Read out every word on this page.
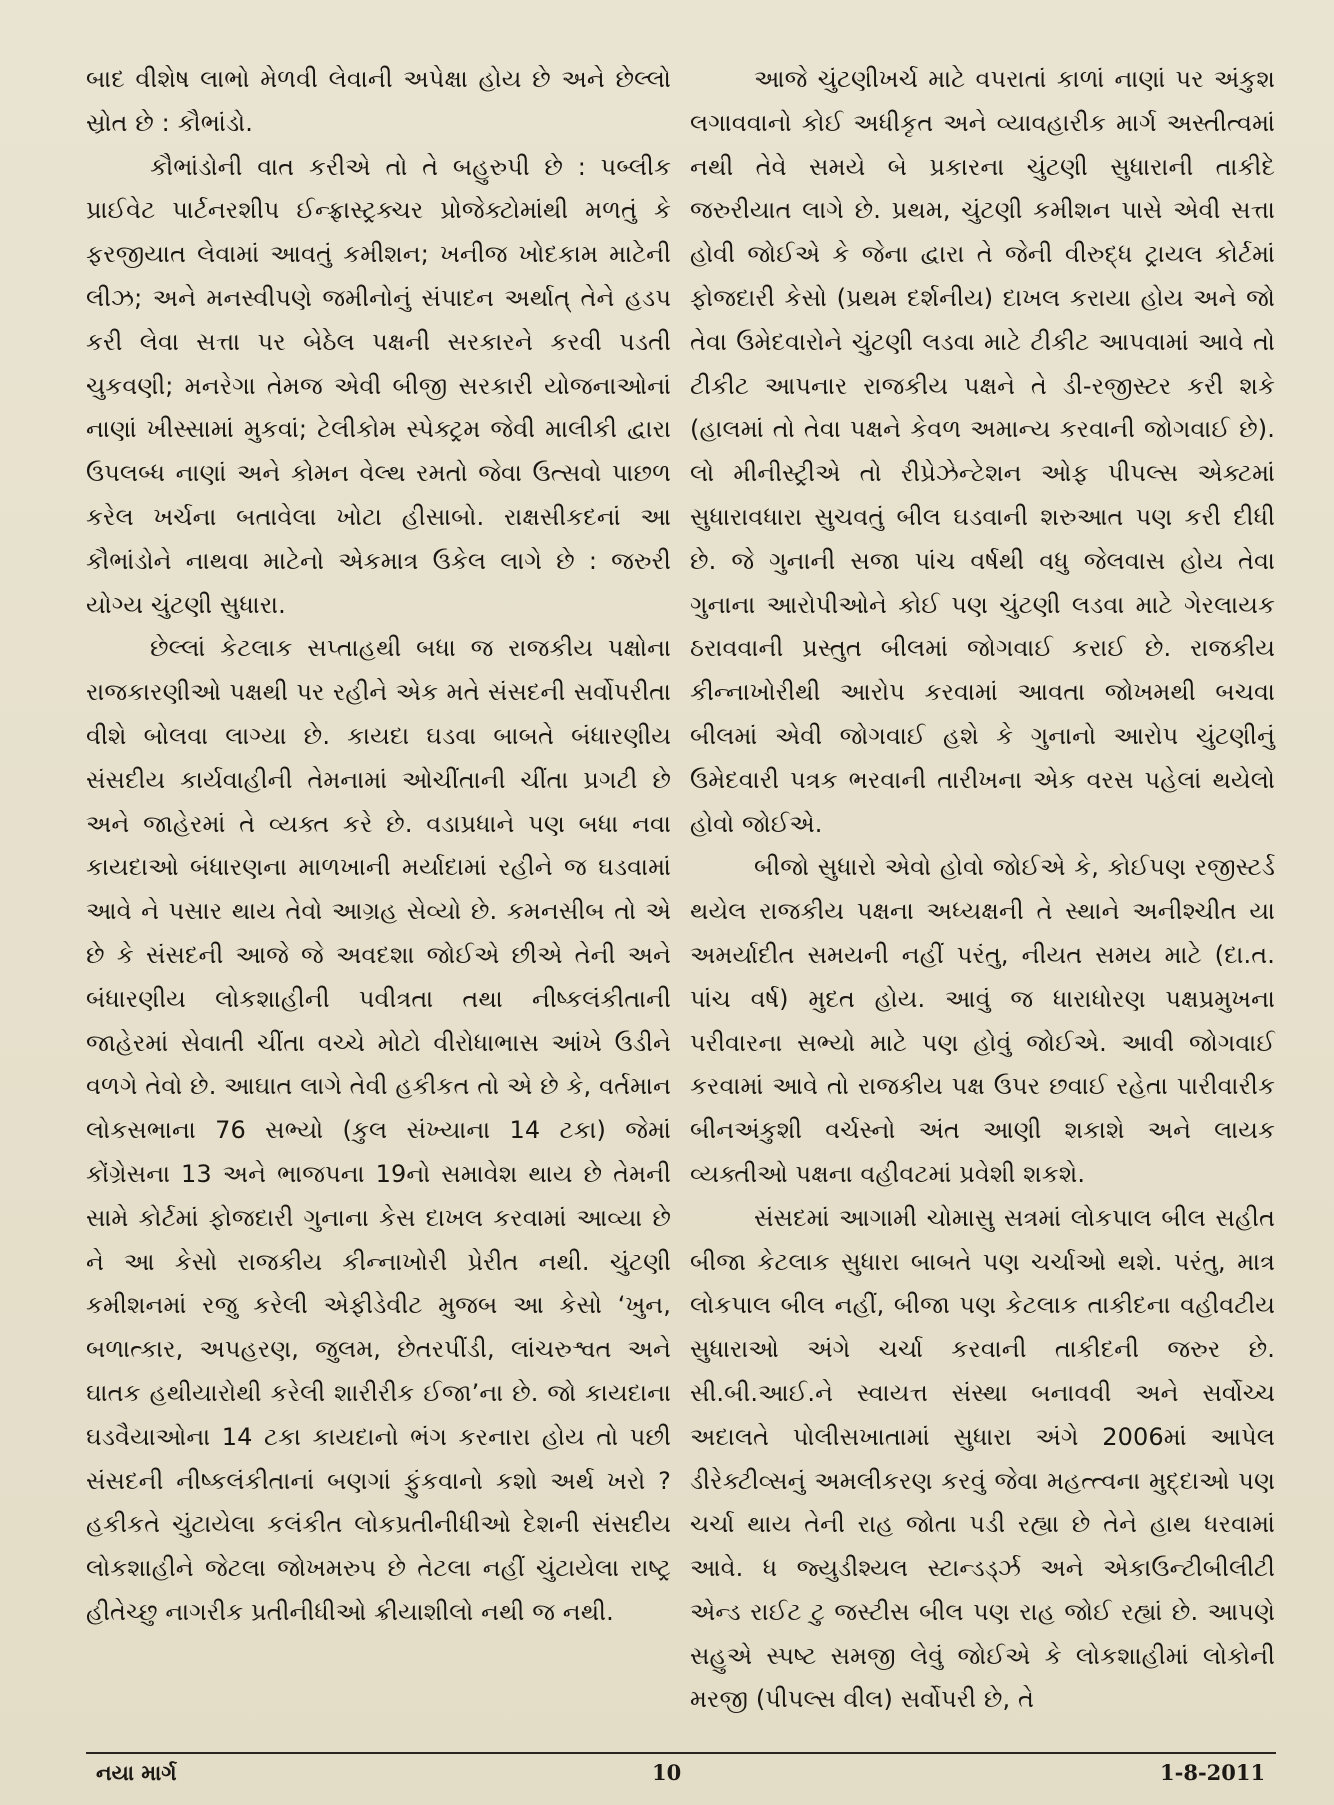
બાદ વીશેષ લાભો મેળવી લેવાની અપેક્ષા હોય છે અને છેલ્લો સ્રોત છે : કૌભાંડો.

કૌભાંડોની વાત કરીએ તો તે બહુરુપી છે : પબ્લીક પ્રાઈવેટ પાર્ટનરશીપ ઈન્ફ્રાસ્ટ્રક્ચર પ્રોજેક્ટોમાંથી મળતું કે ફરજીયાત લેવામાં આવતું કમીશન; ખનીજ ખોદકામ માટેની લીઝ; અને મનસ્વીપણે જમીનોનું સંપાદન અર્થાત્ તેને હડપ કરી લેવા સત્તા પર બેઠેલ પક્ષની સરકારને કરવી પડતી ચુકવણી; મનરેગા તેમજ એવી બીજી સરકારી યોજનાઓનાં નાણાં ખીસ્સામાં મુકવાં; ટેલીકોમ સ્પેક્ટ્રમ જેવી માલીકી દ્વારા ઉપલબ્ધ નાણાં અને કોમન વેલ્થ રમતો જેવા ઉત્સવો પાછળ કરેલ ખર્ચના બતાવેલા ખોટા હીસાબો. રાક્ષસીકદનાં આ કૌભાંડોને નાથવા માટેનો એકમાત્ર ઉકેલ લાગે છે : જરુરી યોગ્ય ચુંટણી સુધારા.

છેલ્લાં કેટલાક સપ્તાહથી બધા જ રાજકીય પક્ષોના રાજકારણીઓ પક્ષથી પર રહીને એક મતે સંસદની સર્વોપરીતા વીશે બોલવા લાગ્યા છે. કાયદા ઘડવા બાબતે બંધારણીય સંસદીય કાર્યવાહીની તેમનામાં ઓચીંતાની ચીંતા પ્રગટી છે અને જાહેરમાં તે વ્યક્ત કરે છે. વડાપ્રધાને પણ બધા નવા કાયદાઓ બંધારણના માળખાની મર્યાદામાં રહીને જ ઘડવામાં આવે ને પસાર થાય તેવો આગ્રહ સેવ્યો છે. કમનસીબ તો એ છે કે સંસદની આજે જે અવદશા જોઈએ છીએ તેની અને બંધારણીય લોકશાહીની પવીત્રતા તથા નીષ્કલંકીતાની જાહેરમાં સેવાતી ચીંતા વચ્ચે મોટો વીરોધાભાસ આંખે ઉડીને વળગે તેવો છે. આઘાત લાગે તેવી હકીકત તો એ છે કે, વર્તમાન લોકસભાના 76 સભ્યો (કુલ સંખ્યાના 14 ટકા) જેમાં કોંગ્રેસના 13 અને ભાજપના 19નો સમાવેશ થાય છે તેમની સામે કોર્ટમાં ફોજદારી ગુનાના કેસ દાખલ કરવામાં આવ્યા છે ને આ કેસો રાજકીય કીન્નાખોરી પ્રેરીત નથી. ચુંટણી કમીશનમાં રજુ કરેલી એફીડેવીટ મુજબ આ કેસો ‘ખુન, બળાત્કાર, અપહરણ, જુલમ, છેતરપીંડી, લાંચરુશ્વત અને ઘાતક હથીયારોથી કરેલી શારીરીક ઈજા’ના છે. જો કાયદાના ઘડવૈયાઓના 14 ટકા કાયદાનો ભંગ કરનારા હોય તો પછી સંસદની નીષ્કલંકીતાનાં બણગાં ફુંકવાનો કશો અર્થ ખરો ? હકીકતે ચુંટાયેલા કલંકીત લોકપ્રતીનીધીઓ દેશની સંસદીય લોકશાહીને જેટલા જોખમરુપ છે તેટલા નહીં ચુંટાયેલા રાષ્ટ્ર હીતેચ્છુ નાગરીક પ્રતીનીધીઓ ક્રીયાશીલો નથી જ નથી.

આજે ચુંટણીખર્ચ માટે વપરાતાં કાળાં નાણાં પર અંકુશ લગાવવાનો કોઈ અધીકૃત અને વ્યાવહારીક માર્ગ અસ્તીત્વમાં નથી તેવે સમયે બે પ્રકારના ચુંટણી સુધારાની તાકીદે જરુરીયાત લાગે છે. પ્રથમ, ચુંટણી કમીશન પાસે એવી સત્તા હોવી જોઈએ કે જેના દ્વારા તે જેની વીરુદ્ધ ટ્રાયલ કોર્ટમાં ફોજદારી કેસો (પ્રથમ દર્શનીય) દાખલ કરાયા હોય અને જો તેવા ઉમેદવારોને ચુંટણી લડવા માટે ટીકીટ આપવામાં આવે તો ટીકીટ આપનાર રાજકીય પક્ષને તે ડી-રજીસ્ટર કરી શકે (હાલમાં તો તેવા પક્ષને કેવળ અમાન્ય કરવાની જોગવાઈ છે). લો મીનીસ્ટ્રીએ તો રીપ્રેઝેન્ટેશન ઓફ પીપલ્સ એક્ટમાં સુધારાવધારા સુચવતું બીલ ઘડવાની શરુઆત પણ કરી દીધી છે. જે ગુનાની સજા પાંચ વર્ષથી વધુ જેલવાસ હોય તેવા ગુનાના આરોપીઓને કોઈ પણ ચુંટણી લડવા માટે ગેરલાયક ઠરાવવાની પ્રસ્તુત બીલમાં જોગવાઈ કરાઈ છે. રાજકીય કીન્નાખોરીથી આરોપ કરવામાં આવતા જોખમથી બચવા બીલમાં એવી જોગવાઈ હશે કે ગુનાનો આરોપ ચુંટણીનું ઉમેદવારી પત્રક ભરવાની તારીખના એક વરસ પહેલાં થયેલો હોવો જોઈએ.

બીજો સુધારો એવો હોવો જોઈએ કે, કોઈપણ રજીસ્ટર્ડ થયેલ રાજકીય પક્ષના અધ્યક્ષની તે સ્થાને અનીશ્ચીત યા અમર્યાદીત સમયની નહીં પરંતુ, નીયત સમય માટે (દા.ત. પાંચ વર્ષ) મુદત હોય. આવું જ ધારાધોરણ પક્ષપ્રમુખના પરીવારના સભ્યો માટે પણ હોવું જોઈએ. આવી જોગવાઈ કરવામાં આવે તો રાજકીય પક્ષ ઉપર છવાઈ રહેતા પારીવારીક બીનઅંકુશી વર્ચસ્નો અંત આણી શકાશે અને લાયક વ્યક્તીઓ પક્ષના વહીવટમાં પ્રવેશી શકશે.

સંસદમાં આગામી ચોમાસુ સત્રમાં લોકપાલ બીલ સહીત બીજા કેટલાક સુધારા બાબતે પણ ચર્ચાઓ થશે. પરંતુ, માત્ર લોકપાલ બીલ નહીં, બીજા પણ કેટલાક તાકીદના વહીવટીય સુધારાઓ અંગે ચર્ચા કરવાની તાકીદની જરુર છે. સી.બી.આઈ.ને સ્વાયત્ત સંસ્થા બનાવવી અને સર્વોચ્ચ અદાલતે પોલીસખાતામાં સુધારા અંગે 2006માં આપેલ ડીરેક્ટીવ્સનું અમલીકરણ કરવું જેવા મહત્ત્વના મુદ્દાઓ પણ ચર્ચા થાય તેની રાહ જોતા પડી રહ્યા છે તેને હાથ ધરવામાં આવે. ધ જ્યુડીશ્યલ સ્ટાન્ડર્ડ્ઝ અને એકાઉન્ટીબીલીટી એન્ડ રાઈટ ટુ જસ્ટીસ બીલ પણ રાહ જોઈ રહ્યાં છે. આપણે સહુએ સ્પષ્ટ સમજી લેવું જોઈએ કે લોકશાહીમાં લોકોની મરજી (પીપલ્સ વીલ) સર્વોપરી છે, તે

નયા માર્ગ	10	1-8-2011
